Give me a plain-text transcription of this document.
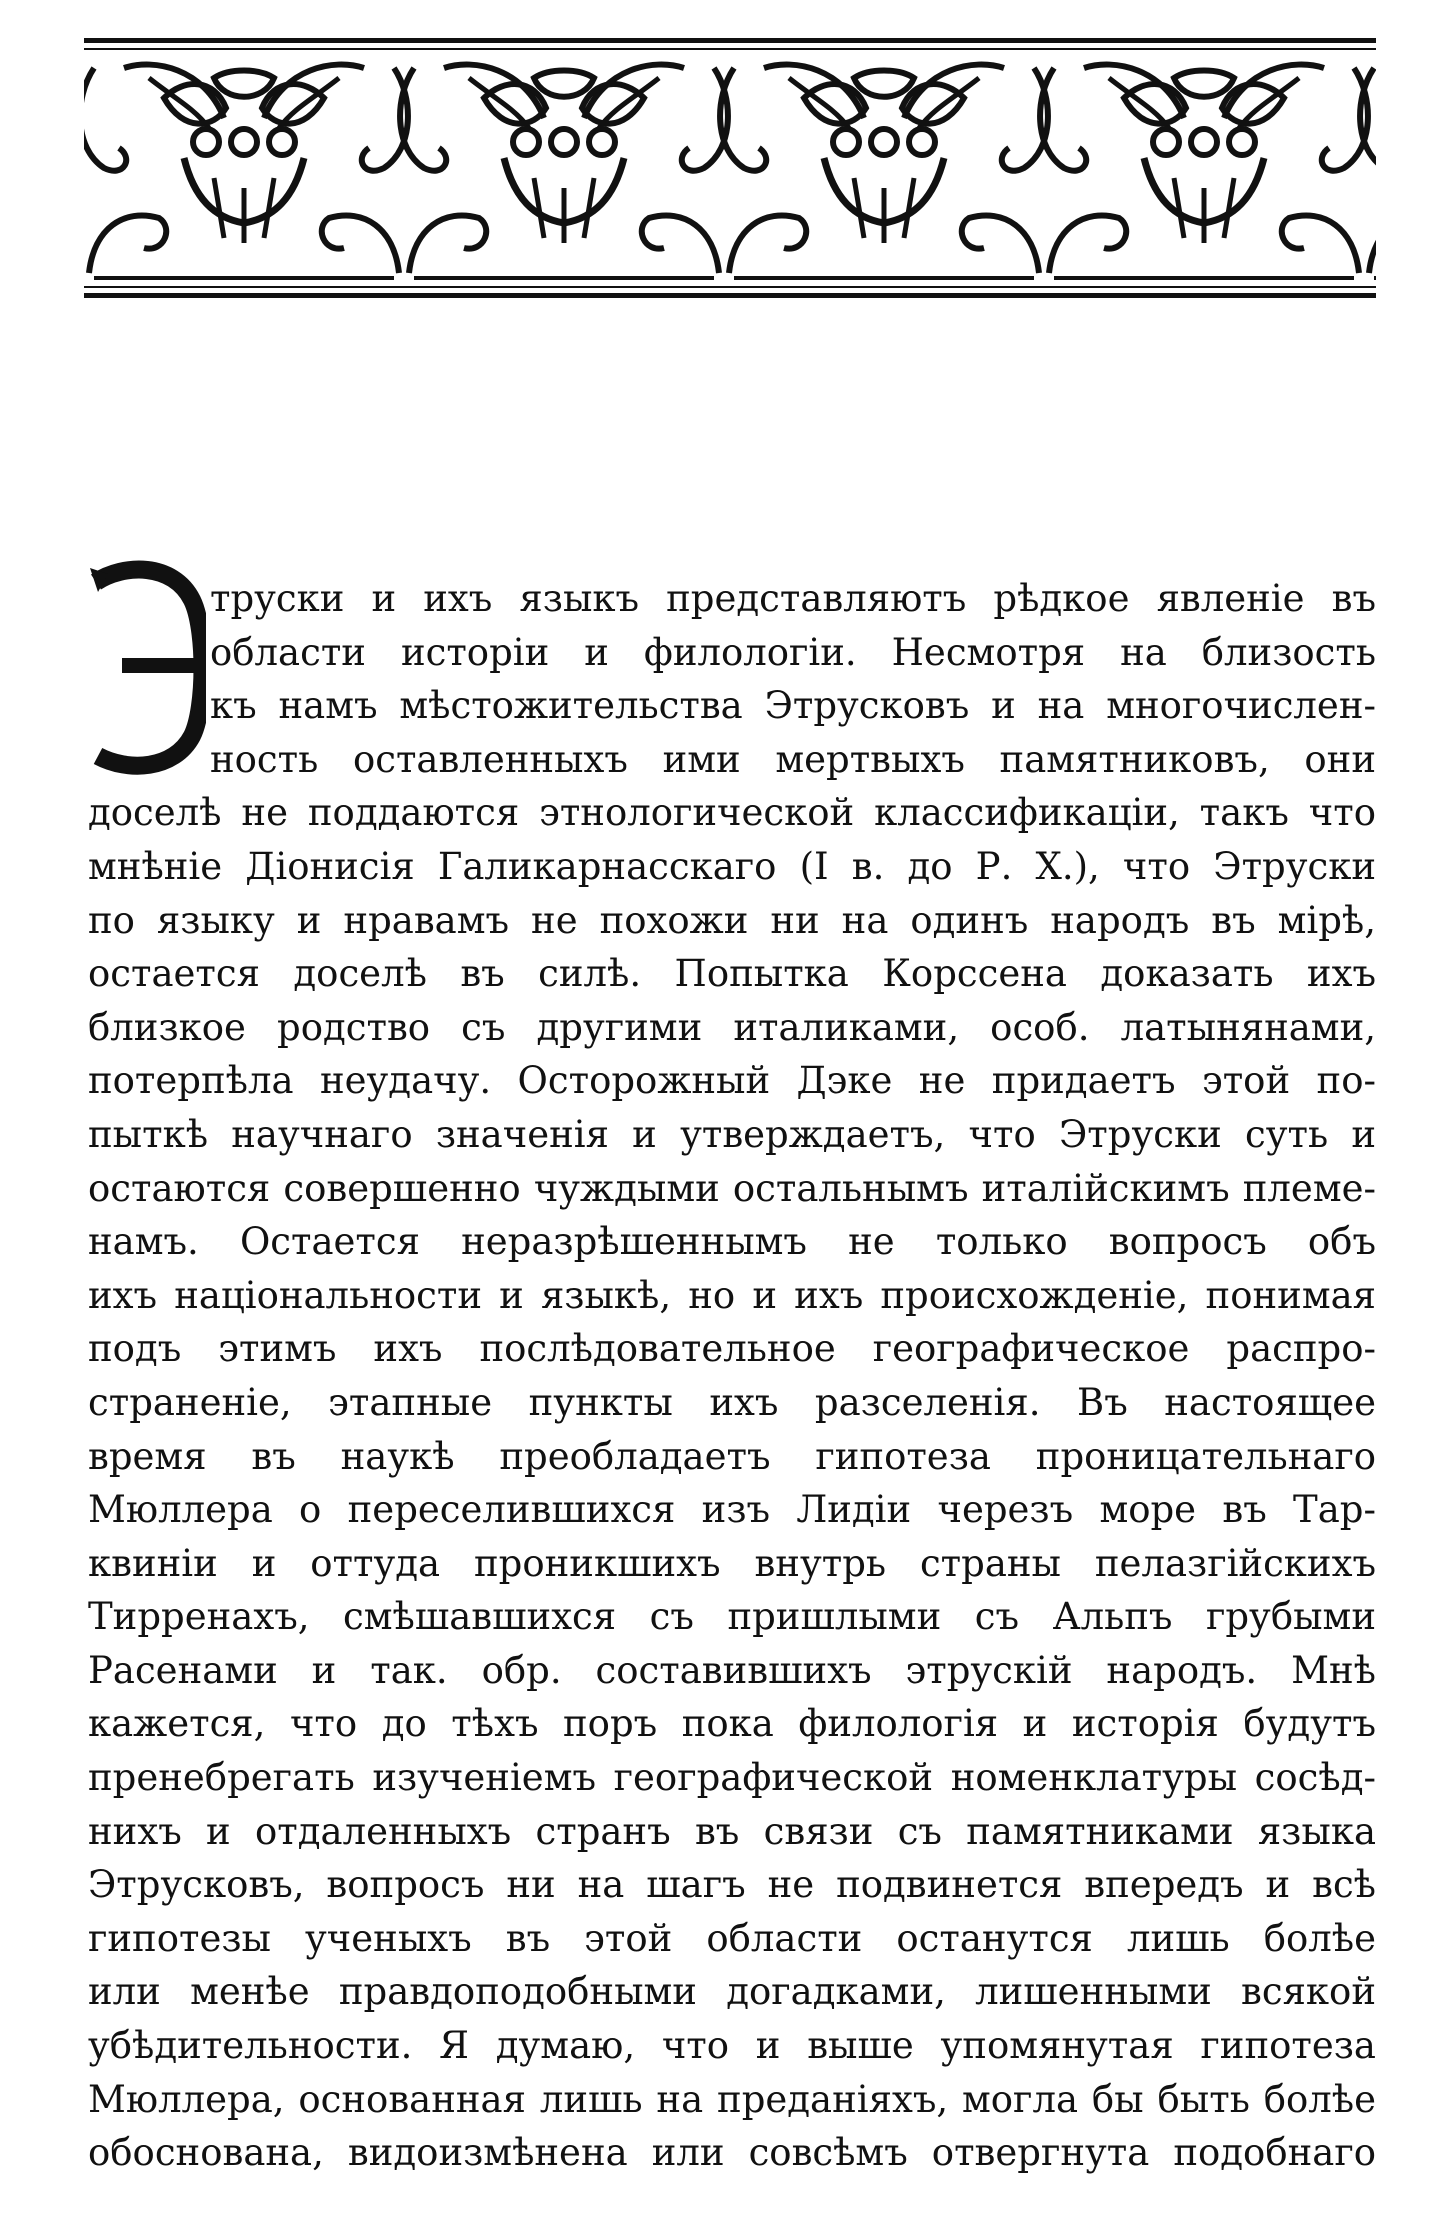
труски и ихъ языкъ представляютъ рѣдкое явленіе въ
области исторіи и филологіи. Несмотря на близость
къ намъ мѣстожительства Этрусковъ и на многочислен-
ность оставленныхъ ими мертвыхъ памятниковъ, они
доселѣ не поддаются этнологической классификаціи, такъ что
мнѣніе Діонисія Галикарнасскаго (I в. до Р. Х.), что Этруски
по языку и нравамъ не похожи ни на одинъ народъ въ мірѣ,
остается доселѣ въ силѣ. Попытка Корссена доказать ихъ
близкое родство съ другими италиками, особ. латынянами,
потерпѣла неудачу. Осторожный Дэке не придаетъ этой по-
пыткѣ научнаго значенія и утверждаетъ, что Этруски суть и
остаются совершенно чуждыми остальнымъ италійскимъ племе-
намъ. Остается неразрѣшеннымъ не только вопросъ объ
ихъ національности и языкѣ, но и ихъ происхожденіе, понимая
подъ этимъ ихъ послѣдовательное географическое распро-
страненіе, этапные пункты ихъ разселенія. Въ настоящее
время въ наукѣ преобладаетъ гипотеза проницательнаго
Мюллера о переселившихся изъ Лидіи черезъ море въ Тар-
квиніи и оттуда проникшихъ внутрь страны пелазгійскихъ
Тирренахъ, смѣшавшихся съ пришлыми съ Альпъ грубыми
Расенами и так. обр. составившихъ этрускій народъ. Мнѣ
кажется, что до тѣхъ поръ пока филологія и исторія будутъ
пренебрегать изученіемъ географической номенклатуры сосѣд-
нихъ и отдаленныхъ странъ въ связи съ памятниками языка
Этрусковъ, вопросъ ни на шагъ не подвинется впередъ и всѣ
гипотезы ученыхъ въ этой области останутся лишь болѣе
или менѣе правдоподобными догадками, лишенными всякой
убѣдительности. Я думаю, что и выше упомянутая гипотеза
Мюллера, основанная лишь на преданіяхъ, могла бы быть болѣе
обоснована, видоизмѣнена или совсѣмъ отвергнута подобнаго
